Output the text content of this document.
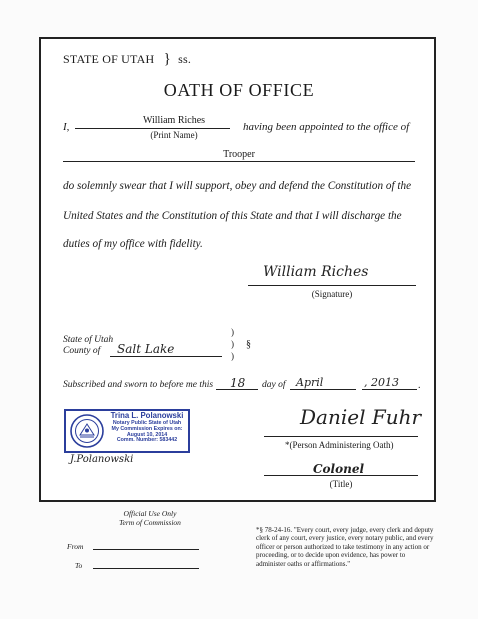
STATE OF UTAH } ss.
OATH OF OFFICE
I,
William Riches
(Print Name)
having been appointed to the office of
Trooper
do solemnly swear that I will support, obey and defend the Constitution of the
United States and the Constitution of this State and that I will discharge the
duties of my office with fidelity.
William Riches
(Signature)
State of Utah
County of Salt Lake
)
)
)
§
Subscribed and sworn to before me this 18 day of April	, 2013 .
Trina L. Polanowski
Notary Public State of Utah
My Commission Expires on:
August 10, 2014
Comm. Number: 583442
J.Polanowski
Daniel Fuhr
*(Person Administering Oath)
Colonel
(Title)
Official Use Only
Term of Commission
From
To
*§ 78-24-16. "Every court, every judge, every clerk and deputy clerk of any court, every justice, every notary public, and every officer or person authorized to take testimony in any action or proceeding, or to decide upon evidence, has power to administer oaths or affirmations."
